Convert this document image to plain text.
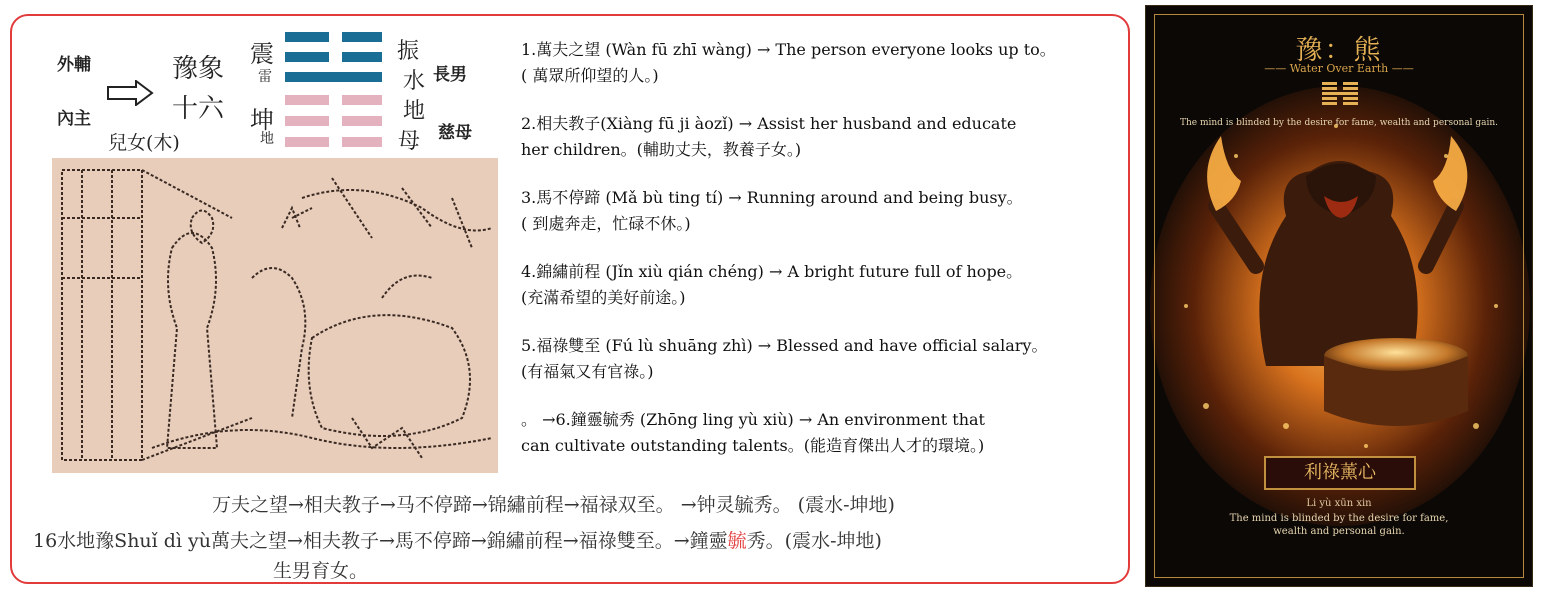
外輔
內主
兒女(木)
豫象
十六
震
雷
坤
地
振
水
地
母
長男
慈母
1.萬夫之望 (Wàn fū zhī wàng) → The person everyone looks up to。
( 萬眾所仰望的人。)
2.相夫教子(Xiàng fū ji àozǐ) → Assist her husband and educate
her children。(輔助丈夫，教養子女。)
3.馬不停蹄 (Mǎ bù ting tí) → Running around and being busy。
( 到處奔走，忙碌不休。)
4.錦繡前程 (Jǐn xiù qián chéng) → A bright future full of hope。
(充滿希望的美好前途。)
5.福祿雙至 (Fú lù shuāng zhì) → Blessed and have official salary。
(有福氣又有官祿。)
。 →6.鐘靈毓秀 (Zhōng ling yù xiù) → An environment that
can cultivate outstanding talents。(能造育傑出人才的環境。)
万夫之望→相夫教子→马不停蹄→锦繡前程→福禄双至。 →钟灵毓秀。 (震水-坤地)
16水地豫Shuǐ dì yù萬夫之望→相夫教子→馬不停蹄→錦繡前程→福祿雙至。→鐘靈毓秀。(震水-坤地)
生男育女。
豫：熊
—— Water Over Earth ——
The mind is blinded by the desire for fame, wealth and personal gain.
利祿薰心
Li yù xūn xin
The mind is blinded by the desire for fame,
wealth and personal gain.
